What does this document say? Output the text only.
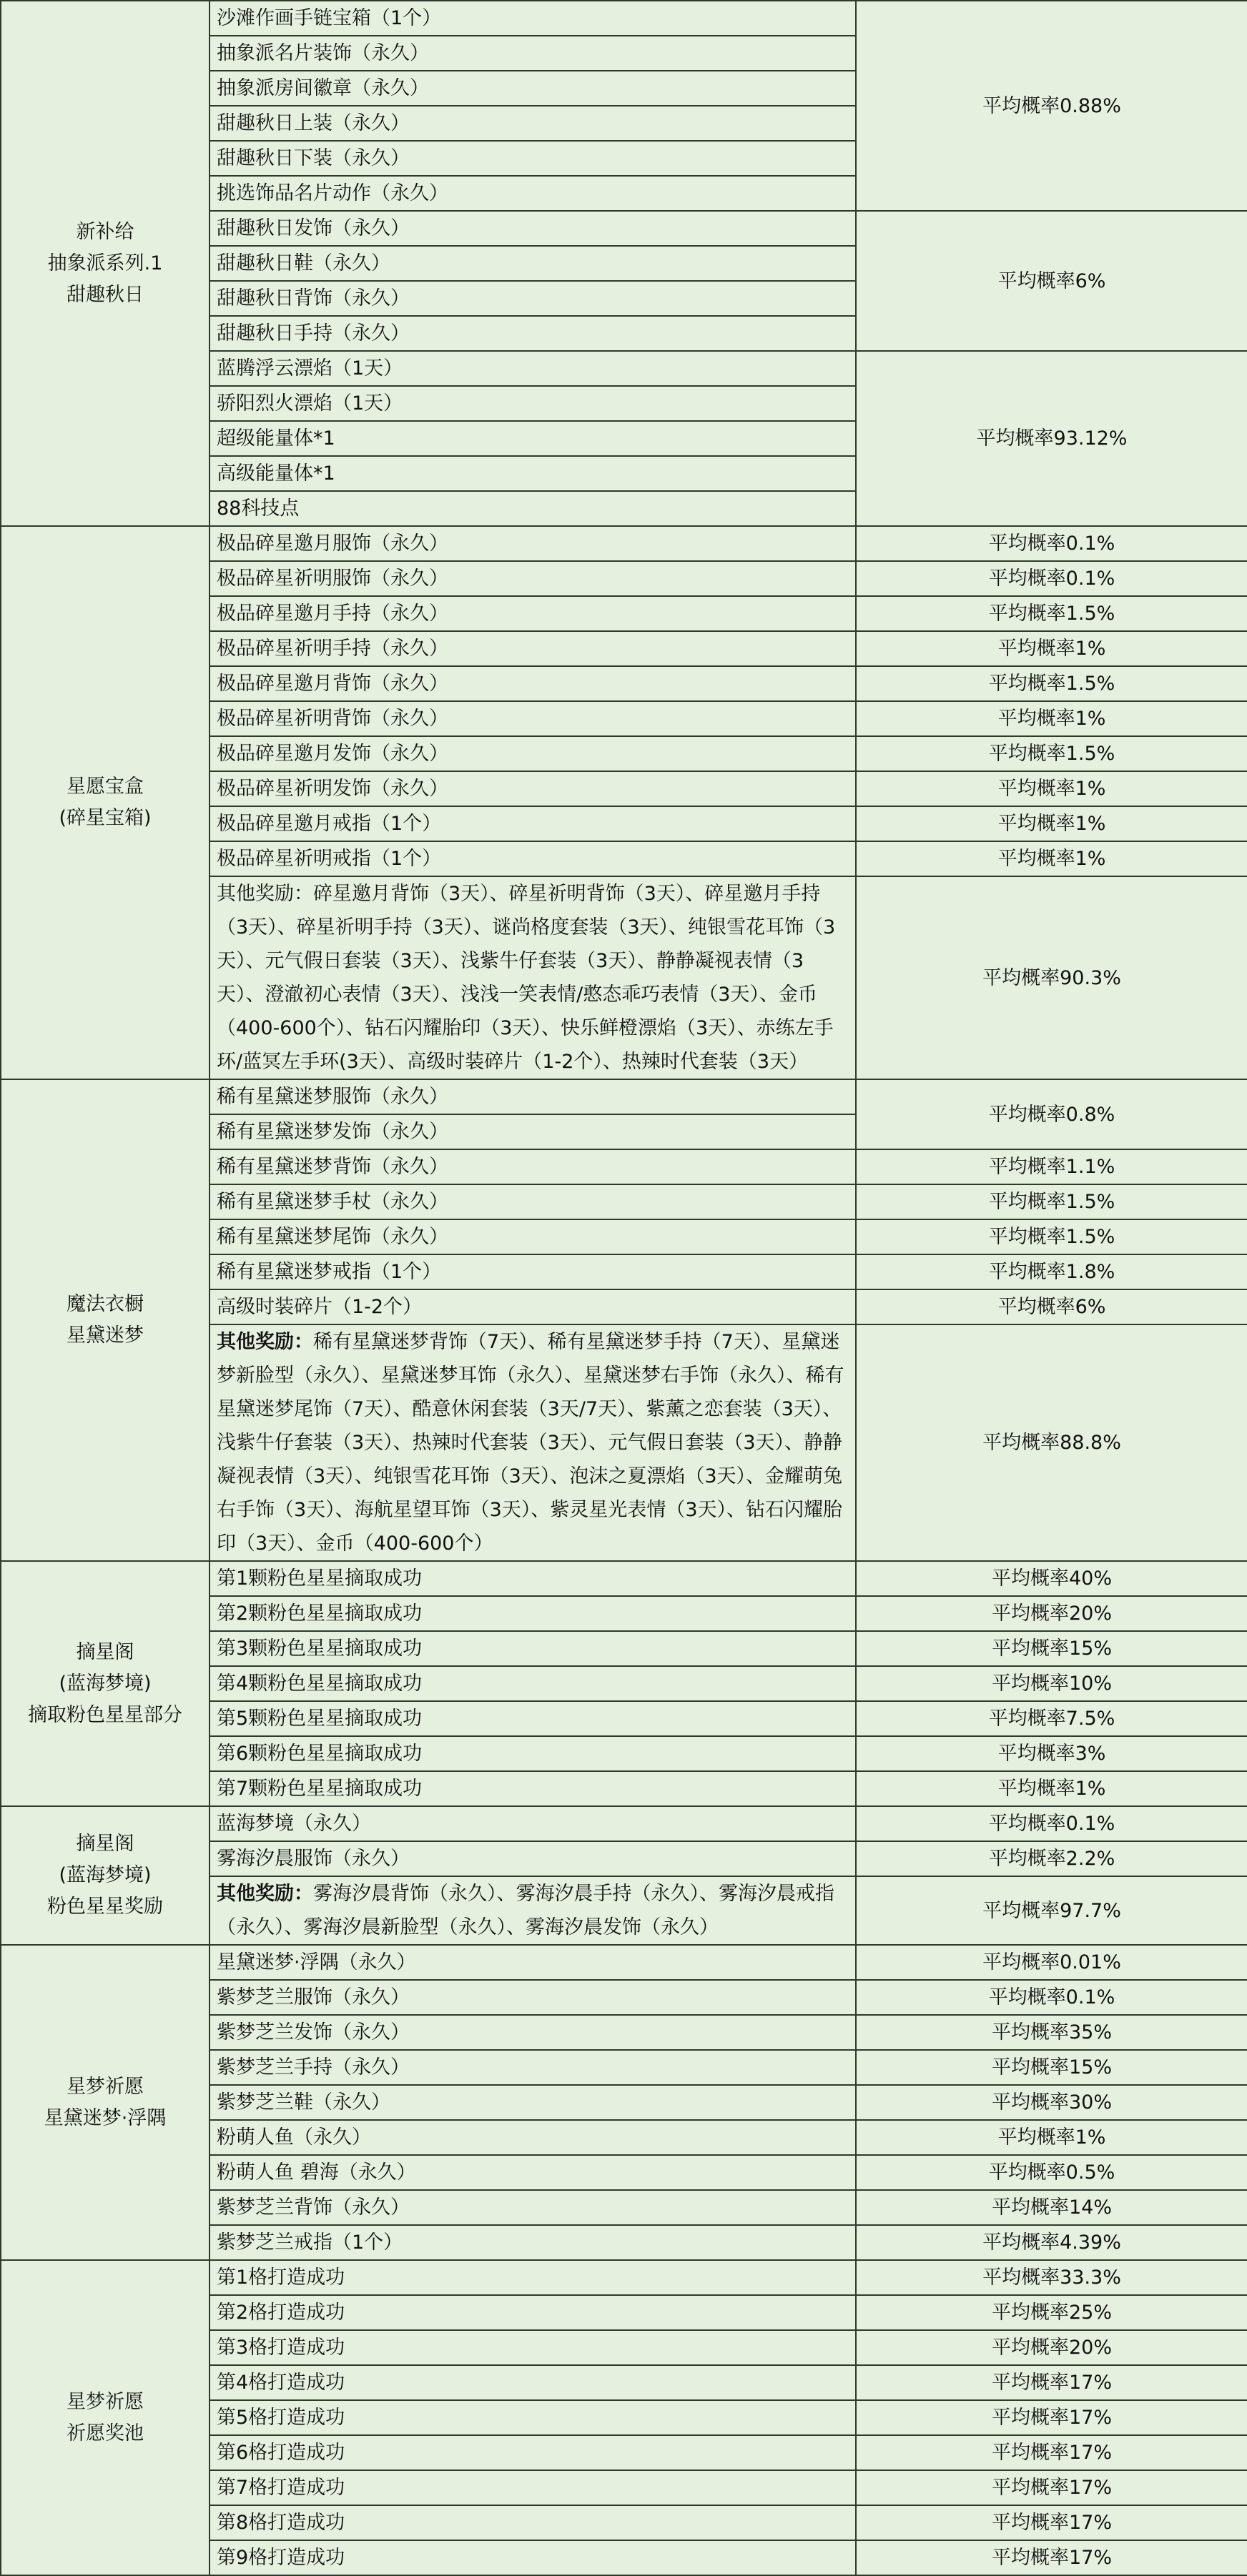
新补给
抽象派系列.1
甜趣秋日	沙滩作画手链宝箱（1个）	平均概率0.88%
	抽象派名片装饰（永久）	
	抽象派房间徽章（永久）	
	甜趣秋日上装（永久）	
	甜趣秋日下装（永久）	
	挑选饰品名片动作（永久）	
	甜趣秋日发饰（永久）	平均概率6%
	甜趣秋日鞋（永久）	
	甜趣秋日背饰（永久）	
	甜趣秋日手持（永久）	
	蓝腾浮云漂焰（1天）	平均概率93.12%
	骄阳烈火漂焰（1天）	
	超级能量体*1	
	高级能量体*1	
	88科技点	

星愿宝盒
(碎星宝箱)	极品碎星邀月服饰（永久）	平均概率0.1%
	极品碎星祈明服饰（永久）	平均概率0.1%
	极品碎星邀月手持（永久）	平均概率1.5%
	极品碎星祈明手持（永久）	平均概率1%
	极品碎星邀月背饰（永久）	平均概率1.5%
	极品碎星祈明背饰（永久）	平均概率1%
	极品碎星邀月发饰（永久）	平均概率1.5%
	极品碎星祈明发饰（永久）	平均概率1%
	极品碎星邀月戒指（1个）	平均概率1%
	极品碎星祈明戒指（1个）	平均概率1%
	其他奖励：碎星邀月背饰（3天）、碎星祈明背饰（3天）、碎星邀月手持（3天）、碎星祈明手持（3天）、谜尚格度套装（3天）、纯银雪花耳饰（3天）、元气假日套装（3天）、浅紫牛仔套装（3天）、静静凝视表情（3天）、澄澈初心表情（3天）、浅浅一笑表情/憨态乖巧表情（3天）、金币（400-600个）、钻石闪耀胎印（3天）、快乐鲜橙漂焰（3天）、赤练左手环/蓝冥左手环(3天）、高级时装碎片（1-2个）、热辣时代套装（3天）	平均概率90.3%

魔法衣橱
星黛迷梦	稀有星黛迷梦服饰（永久）	平均概率0.8%
	稀有星黛迷梦发饰（永久）	
	稀有星黛迷梦背饰（永久）	平均概率1.1%
	稀有星黛迷梦手杖（永久）	平均概率1.5%
	稀有星黛迷梦尾饰（永久）	平均概率1.5%
	稀有星黛迷梦戒指（1个）	平均概率1.8%
	高级时装碎片（1-2个）	平均概率6%
	其他奖励：稀有星黛迷梦背饰（7天）、稀有星黛迷梦手持（7天）、星黛迷梦新脸型（永久）、星黛迷梦耳饰（永久）、星黛迷梦右手饰（永久）、稀有星黛迷梦尾饰（7天）、酷意休闲套装（3天/7天）、紫薰之恋套装（3天）、浅紫牛仔套装（3天）、热辣时代套装（3天）、元气假日套装（3天）、静静凝视表情（3天）、纯银雪花耳饰（3天）、泡沫之夏漂焰（3天）、金耀萌兔右手饰（3天）、海航星望耳饰（3天）、紫灵星光表情（3天）、钻石闪耀胎印（3天）、金币（400-600个）	平均概率88.8%

摘星阁
(蓝海梦境)
摘取粉色星星部分	第1颗粉色星星摘取成功	平均概率40%
	第2颗粉色星星摘取成功	平均概率20%
	第3颗粉色星星摘取成功	平均概率15%
	第4颗粉色星星摘取成功	平均概率10%
	第5颗粉色星星摘取成功	平均概率7.5%
	第6颗粉色星星摘取成功	平均概率3%
	第7颗粉色星星摘取成功	平均概率1%

摘星阁
(蓝海梦境)
粉色星星奖励	蓝海梦境（永久）	平均概率0.1%
	雾海汐晨服饰（永久）	平均概率2.2%
	其他奖励：雾海汐晨背饰（永久）、雾海汐晨手持（永久）、雾海汐晨戒指（永久）、雾海汐晨新脸型（永久）、雾海汐晨发饰（永久）	平均概率97.7%

星梦祈愿
星黛迷梦·浮隅	星黛迷梦·浮隅（永久）	平均概率0.01%
	紫梦芝兰服饰（永久）	平均概率0.1%
	紫梦芝兰发饰（永久）	平均概率35%
	紫梦芝兰手持（永久）	平均概率15%
	紫梦芝兰鞋（永久）	平均概率30%
	粉萌人鱼（永久）	平均概率1%
	粉萌人鱼 碧海（永久）	平均概率0.5%
	紫梦芝兰背饰（永久）	平均概率14%
	紫梦芝兰戒指（1个）	平均概率4.39%

星梦祈愿
祈愿奖池	第1格打造成功	平均概率33.3%
	第2格打造成功	平均概率25%
	第3格打造成功	平均概率20%
	第4格打造成功	平均概率17%
	第5格打造成功	平均概率17%
	第6格打造成功	平均概率17%
	第7格打造成功	平均概率17%
	第8格打造成功	平均概率17%
	第9格打造成功	平均概率17%
